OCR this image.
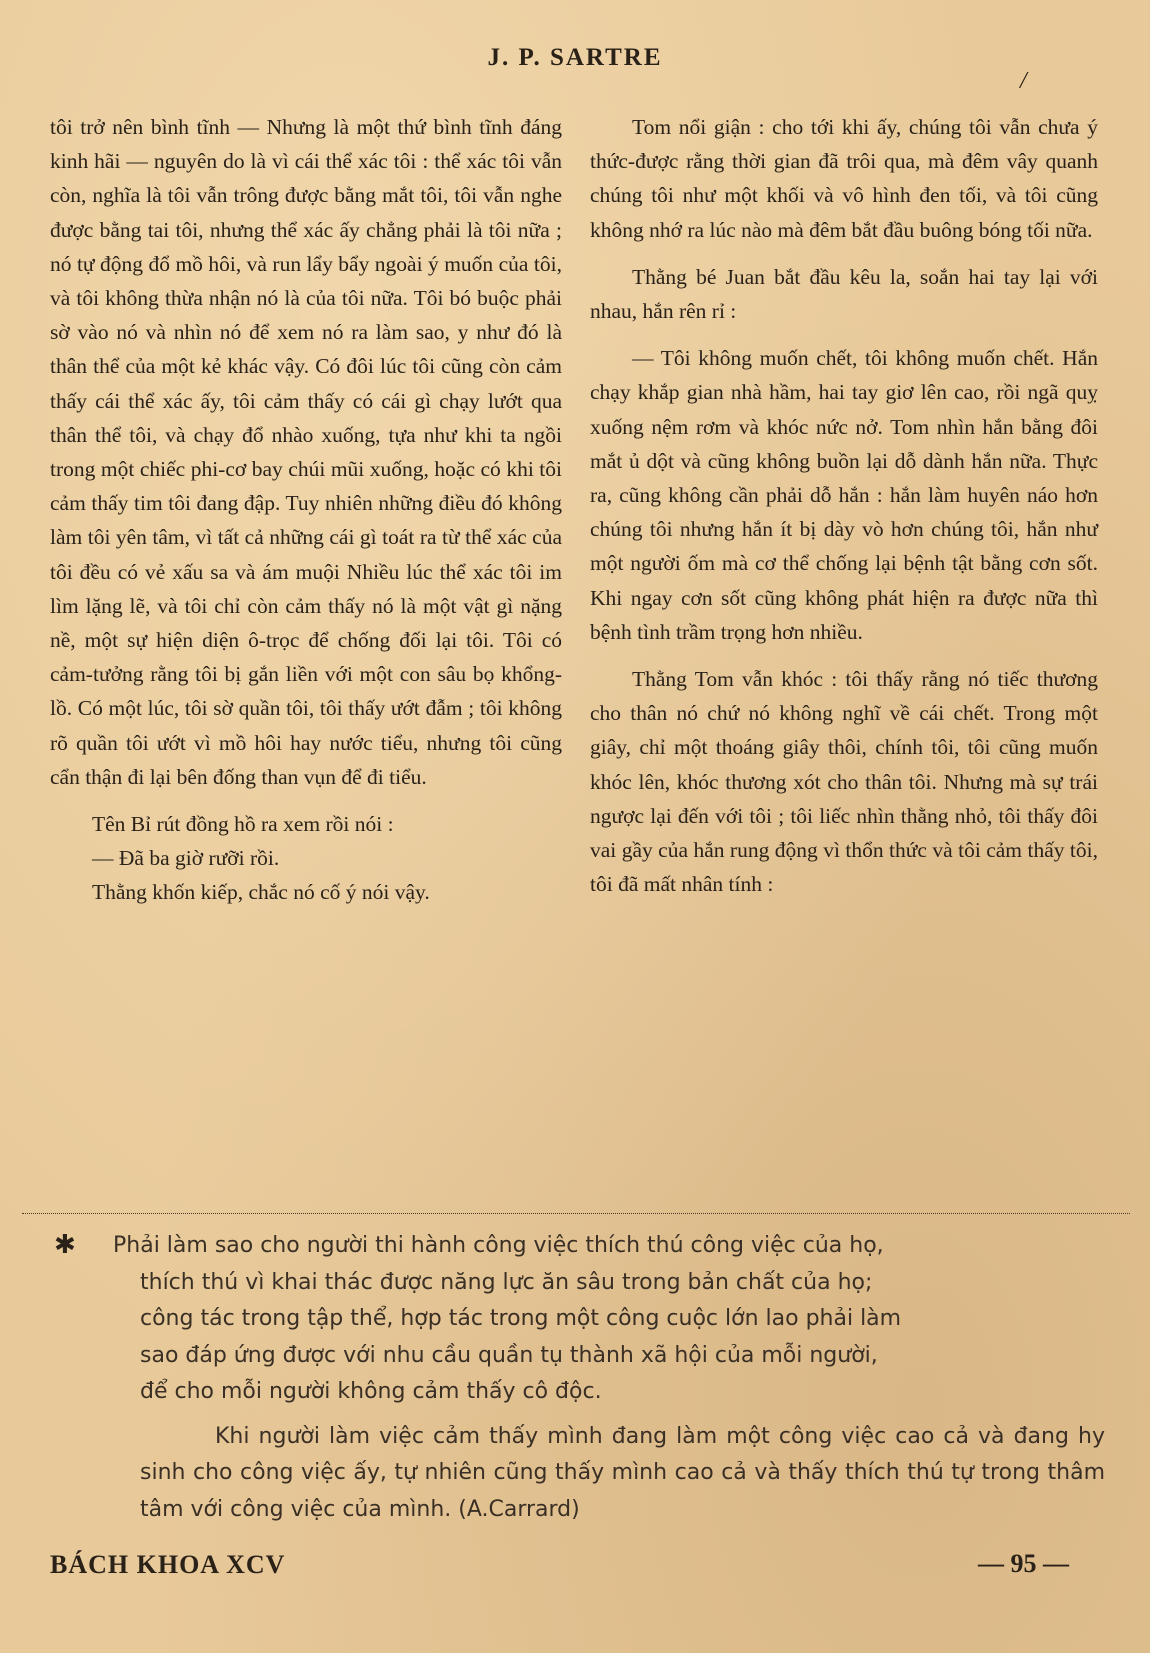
J. P. SARTRE
/

tôi trở nên bình tĩnh — Nhưng là một thứ bình tĩnh đáng kinh hãi — nguyên do là vì cái thể xác tôi : thể xác tôi vẫn còn, nghĩa là tôi vẫn trông được bằng mắt tôi, tôi vẫn nghe được bằng tai tôi, nhưng thể xác ấy chẳng phải là tôi nữa ; nó tự động đổ mồ hôi, và run lẩy bẩy ngoài ý muốn của tôi, và tôi không thừa nhận nó là của tôi nữa. Tôi bó buộc phải sờ vào nó và nhìn nó để xem nó ra làm sao, y như đó là thân thể của một kẻ khác vậy. Có đôi lúc tôi cũng còn cảm thấy cái thể xác ấy, tôi cảm thấy có cái gì chạy lướt qua thân thể tôi, và chạy đổ nhào xuống, tựa như khi ta ngồi trong một chiếc phi-cơ bay chúi mũi xuống, hoặc có khi tôi cảm thấy tim tôi đang đập. Tuy nhiên những điều đó không làm tôi yên tâm, vì tất cả những cái gì toát ra từ thể xác của tôi đều có vẻ xấu sa và ám muội Nhiều lúc thể xác tôi im lìm lặng lẽ, và tôi chỉ còn cảm thấy nó là một vật gì nặng nề, một sự hiện diện ô-trọc để chống đối lại tôi. Tôi có cảm-tưởng rằng tôi bị gắn liền với một con sâu bọ khổng-lồ. Có một lúc, tôi sờ quần tôi, tôi thấy ướt đẫm ; tôi không rõ quần tôi ướt vì mồ hôi hay nước tiểu, nhưng tôi cũng cẩn thận đi lại bên đống than vụn để đi tiểu.

Tên Bỉ rút đồng hồ ra xem rồi nói :

— Đã ba giờ rưỡi rồi.

Thằng khốn kiếp, chắc nó cố ý nói vậy.

Tom nổi giận : cho tới khi ấy, chúng tôi vẫn chưa ý thức-được rằng thời gian đã trôi qua, mà đêm vây quanh chúng tôi như một khối và vô hình đen tối, và tôi cũng không nhớ ra lúc nào mà đêm bắt đầu buông bóng tối nữa.

Thằng bé Juan bắt đầu kêu la, soắn hai tay lại với nhau, hắn rên rỉ :

— Tôi không muốn chết, tôi không muốn chết. Hắn chạy khắp gian nhà hầm, hai tay giơ lên cao, rồi ngã quỵ xuống nệm rơm và khóc nức nở. Tom nhìn hắn bằng đôi mắt ủ dột và cũng không buồn lại dỗ dành hắn nữa. Thực ra, cũng không cần phải dỗ hắn : hắn làm huyên náo hơn chúng tôi nhưng hắn ít bị dày vò hơn chúng tôi, hắn như một người ốm mà cơ thể chống lại bệnh tật bằng cơn sốt. Khi ngay cơn sốt cũng không phát hiện ra được nữa thì bệnh tình trầm trọng hơn nhiều.

Thằng Tom vẫn khóc : tôi thấy rằng nó tiếc thương cho thân nó chứ nó không nghĩ về cái chết. Trong một giây, chỉ một thoáng giây thôi, chính tôi, tôi cũng muốn khóc lên, khóc thương xót cho thân tôi. Nhưng mà sự trái ngược lại đến với tôi ; tôi liếc nhìn thằng nhỏ, tôi thấy đôi vai gầy của hắn rung động vì thổn thức và tôi cảm thấy tôi, tôi đã mất nhân tính :

✱	Phải làm sao cho người thi hành công việc thích thú công việc của họ,

thích thú vì khai thác được năng lực ăn sâu trong bản chất của họ;

công tác trong tập thể, hợp tác trong một công cuộc lớn lao phải làm

sao đáp ứng được với nhu cầu quần tụ thành xã hội của mỗi người,

để cho mỗi người không cảm thấy cô độc.

Khi người làm việc cảm thấy mình đang làm một công việc cao cả và đang hy sinh cho công việc ấy, tự nhiên cũng thấy mình cao cả và thấy thích thú tự trong thâm tâm với công việc của mình. (A.Carrard)

BÁCH KHOA XCV	— 95 —
